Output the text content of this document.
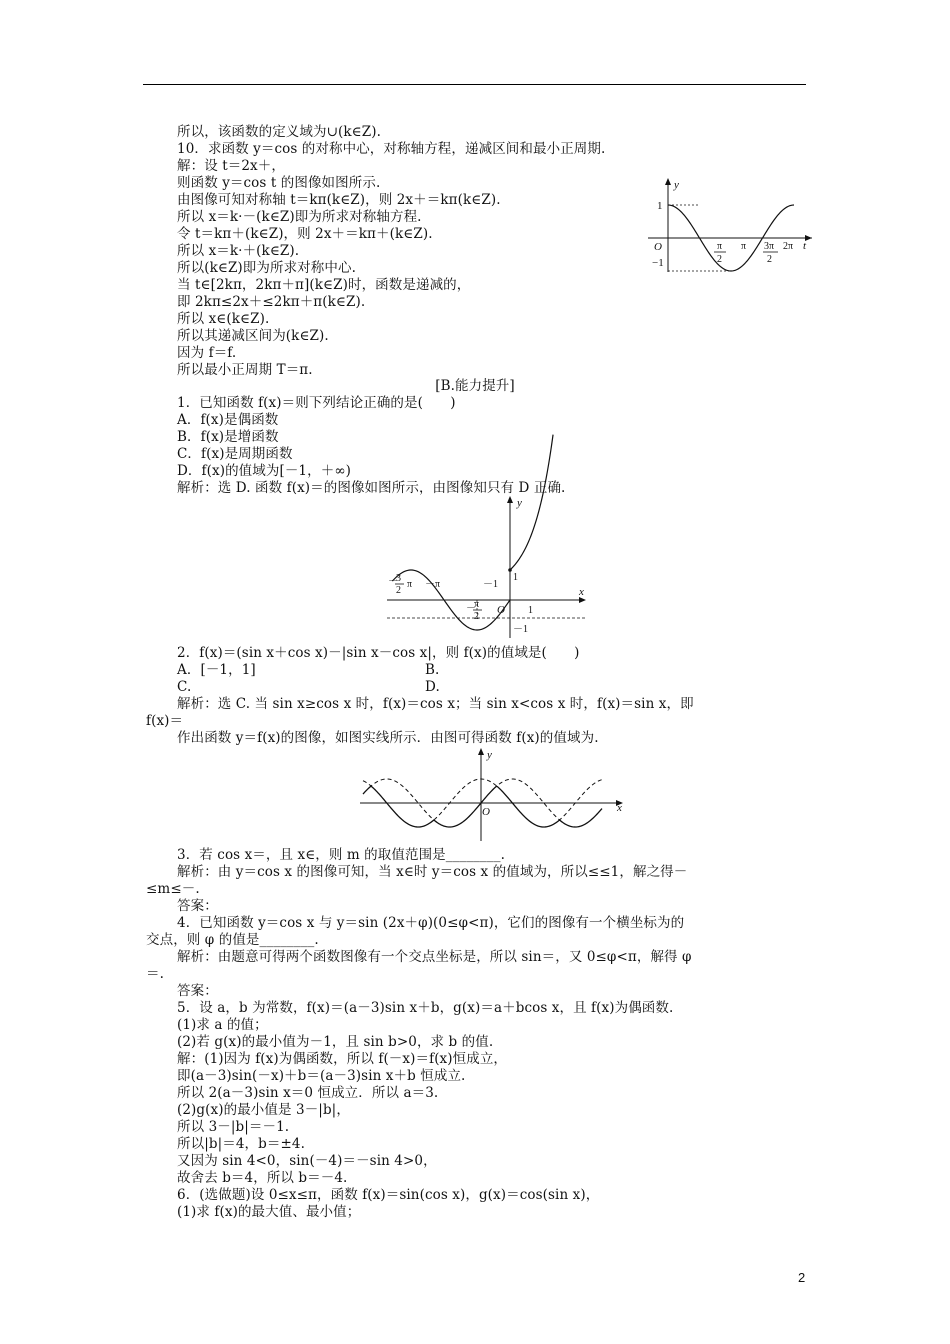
所以，该函数的定义域为∪(k∈Z).
10．求函数 y＝cos 的对称中心，对称轴方程，递减区间和最小正周期.
解：设 t＝2x＋，
则函数 y＝cos t 的图像如图所示.
由图像可知对称轴 t＝kπ(k∈Z)，则 2x＋＝kπ(k∈Z).
所以 x＝k·－(k∈Z)即为所求对称轴方程.
令 t＝kπ＋(k∈Z)，则 2x＋＝kπ＋(k∈Z).
所以 x＝k·＋(k∈Z).
所以(k∈Z)即为所求对称中心.
当 t∈[2kπ，2kπ＋π](k∈Z)时，函数是递减的，
即 2kπ≤2x＋≤2kπ＋π(k∈Z).
所以 x∈(k∈Z).
所以其递减区间为(k∈Z).
因为 f＝f.
所以最小正周期 T＝π.
[B.能力提升]
1．已知函数 f(x)＝则下列结论正确的是(　　)
A．f(x)是偶函数
B．f(x)是增函数
C．f(x)是周期函数
D．f(x)的值域为[－1，＋∞)
解析：选 D. 函数 f(x)＝的图像如图所示，由图像知只有 D 正确.
2．f(x)＝(sin x＋cos x)－|sin x－cos x|，则 f(x)的值域是(　　)
A．[－1，1]	B.
C.	D.
解析：选 C. 当 sin x≥cos x 时，f(x)＝cos x；当 sin x<cos x 时，f(x)＝sin x，即
f(x)＝
作出函数 y＝f(x)的图像，如图实线所示．由图可得函数 f(x)的值域为.
3．若 cos x＝，且 x∈，则 m 的取值范围是________.
解析：由 y＝cos x 的图像可知，当 x∈时 y＝cos x 的值域为，所以≤≤1，解之得－
≤m≤－.
答案：
4．已知函数 y＝cos x 与 y＝sin (2x＋φ)(0≤φ<π)，它们的图像有一个横坐标为的
交点，则 φ 的值是________.
解析：由题意可得两个函数图像有一个交点坐标是，所以 sin＝，又 0≤φ<π，解得 φ
＝.
答案：
5．设 a，b 为常数，f(x)＝(a－3)sin x＋b，g(x)＝a＋bcos x，且 f(x)为偶函数.
(1)求 a 的值；
(2)若 g(x)的最小值为－1，且 sin b>0，求 b 的值.
解：(1)因为 f(x)为偶函数，所以 f(－x)＝f(x)恒成立，
即(a－3)sin(－x)＋b＝(a－3)sin x＋b 恒成立.
所以 2(a－3)sin x＝0 恒成立．所以 a＝3.
(2)g(x)的最小值是 3－|b|，
所以 3－|b|＝－1.
所以|b|＝4，b＝±4.
又因为 sin 4<0，sin(－4)＝－sin 4>0，
故舍去 b＝4，所以 b＝－4.
6．(选做题)设 0≤x≤π，函数 f(x)＝sin(cos x)，g(x)＝cos(sin x)，
(1)求 f(x)的最大值、最小值；
y
1
−1
O	π
2
π 3π
2
2π t
y
x
O
－
3
2
π －π	－1
－
π
2
1
1
－1
y
x
O
2
